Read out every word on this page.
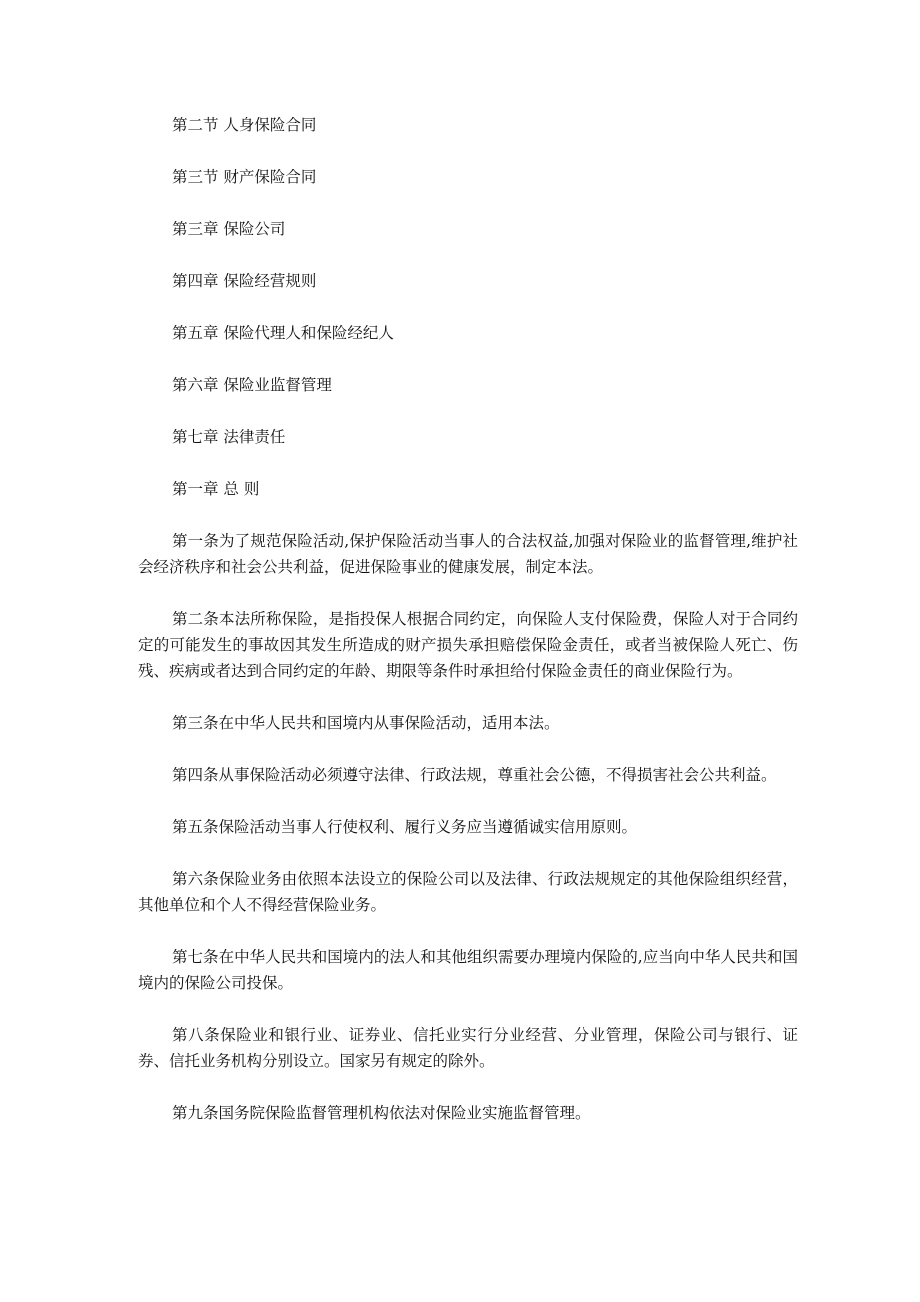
第二节 人身保险合同
第三节 财产保险合同
第三章 保险公司
第四章 保险经营规则
第五章 保险代理人和保险经纪人
第六章 保险业监督管理
第七章 法律责任
第一章 总 则

第一条为了规范保险活动,保护保险活动当事人的合法权益,加强对保险业的监督管理,维护社会经济秩序和社会公共利益，促进保险事业的健康发展，制定本法。

第二条本法所称保险，是指投保人根据合同约定，向保险人支付保险费，保险人对于合同约定的可能发生的事故因其发生所造成的财产损失承担赔偿保险金责任，或者当被保险人死亡、伤残、疾病或者达到合同约定的年龄、期限等条件时承担给付保险金责任的商业保险行为。

第三条在中华人民共和国境内从事保险活动，适用本法。

第四条从事保险活动必须遵守法律、行政法规，尊重社会公德，不得损害社会公共利益。

第五条保险活动当事人行使权利、履行义务应当遵循诚实信用原则。

第六条保险业务由依照本法设立的保险公司以及法律、行政法规规定的其他保险组织经营，其他单位和个人不得经营保险业务。

第七条在中华人民共和国境内的法人和其他组织需要办理境内保险的,应当向中华人民共和国境内的保险公司投保。

第八条保险业和银行业、证券业、信托业实行分业经营、分业管理，保险公司与银行、证券、信托业务机构分别设立。国家另有规定的除外。

第九条国务院保险监督管理机构依法对保险业实施监督管理。
